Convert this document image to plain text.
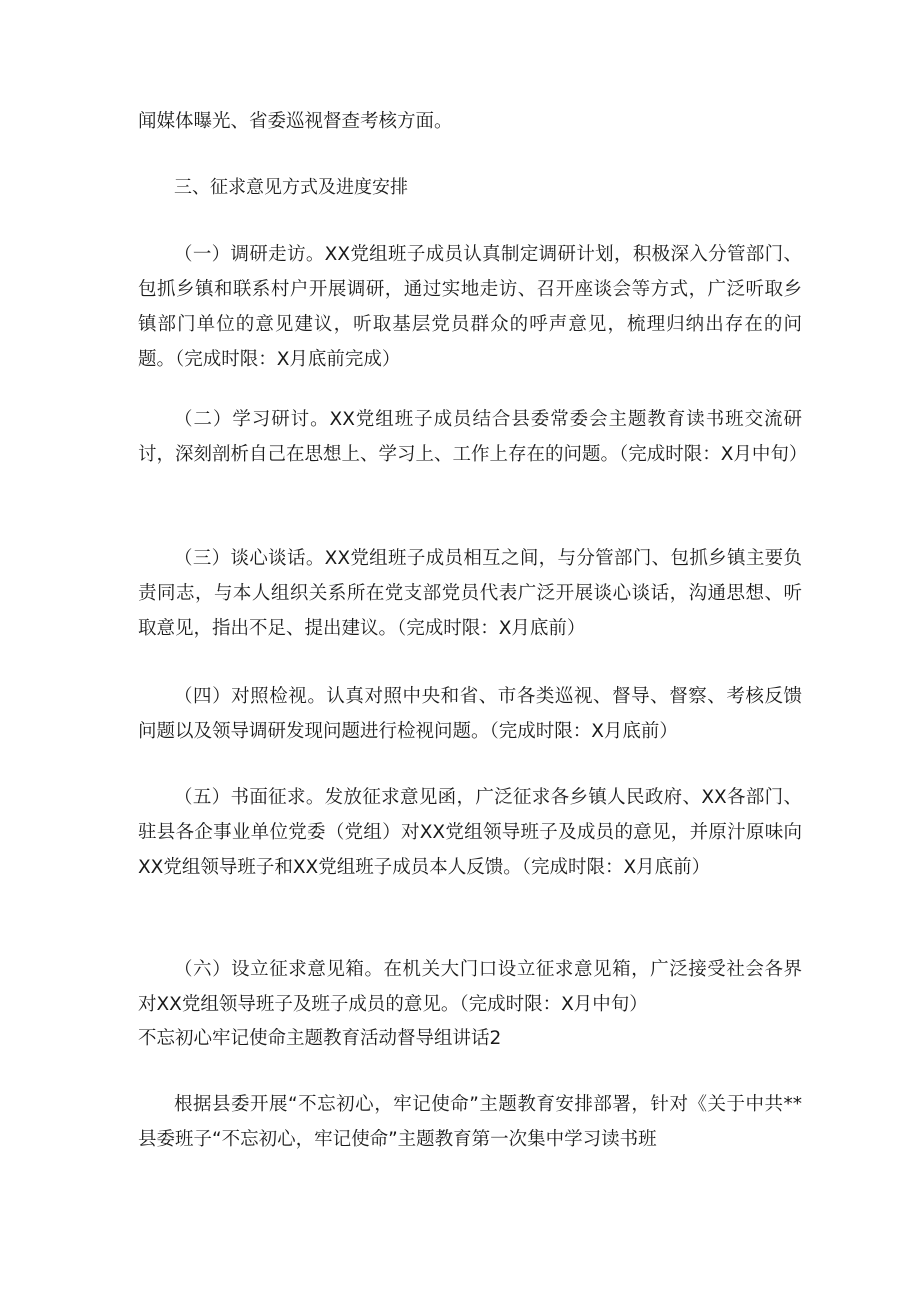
闻媒体曝光、省委巡视督查考核方面。

三、征求意见方式及进度安排

（一）调研走访。XX党组班子成员认真制定调研计划，积极深入分管部门、包抓乡镇和联系村户开展调研，通过实地走访、召开座谈会等方式，广泛听取乡镇部门单位的意见建议，听取基层党员群众的呼声意见，梳理归纳出存在的问题。（完成时限：X月底前完成）

（二）学习研讨。XX党组班子成员结合县委常委会主题教育读书班交流研讨，深刻剖析自己在思想上、学习上、工作上存在的问题。（完成时限：X月中旬）

（三）谈心谈话。XX党组班子成员相互之间，与分管部门、包抓乡镇主要负责同志，与本人组织关系所在党支部党员代表广泛开展谈心谈话，沟通思想、听取意见，指出不足、提出建议。（完成时限：X月底前）

（四）对照检视。认真对照中央和省、市各类巡视、督导、督察、考核反馈问题以及领导调研发现问题进行检视问题。（完成时限：X月底前）

（五）书面征求。发放征求意见函，广泛征求各乡镇人民政府、XX各部门、驻县各企事业单位党委（党组）对XX党组领导班子及成员的意见，并原汁原味向XX党组领导班子和XX党组班子成员本人反馈。（完成时限：X月底前）

（六）设立征求意见箱。在机关大门口设立征求意见箱，广泛接受社会各界对XX党组领导班子及班子成员的意见。（完成时限：X月中旬）

不忘初心牢记使命主题教育活动督导组讲话2

根据县委开展“不忘初心，牢记使命”主题教育安排部署，针对《关于中共**县委班子“不忘初心，牢记使命”主题教育第一次集中学习读书班
